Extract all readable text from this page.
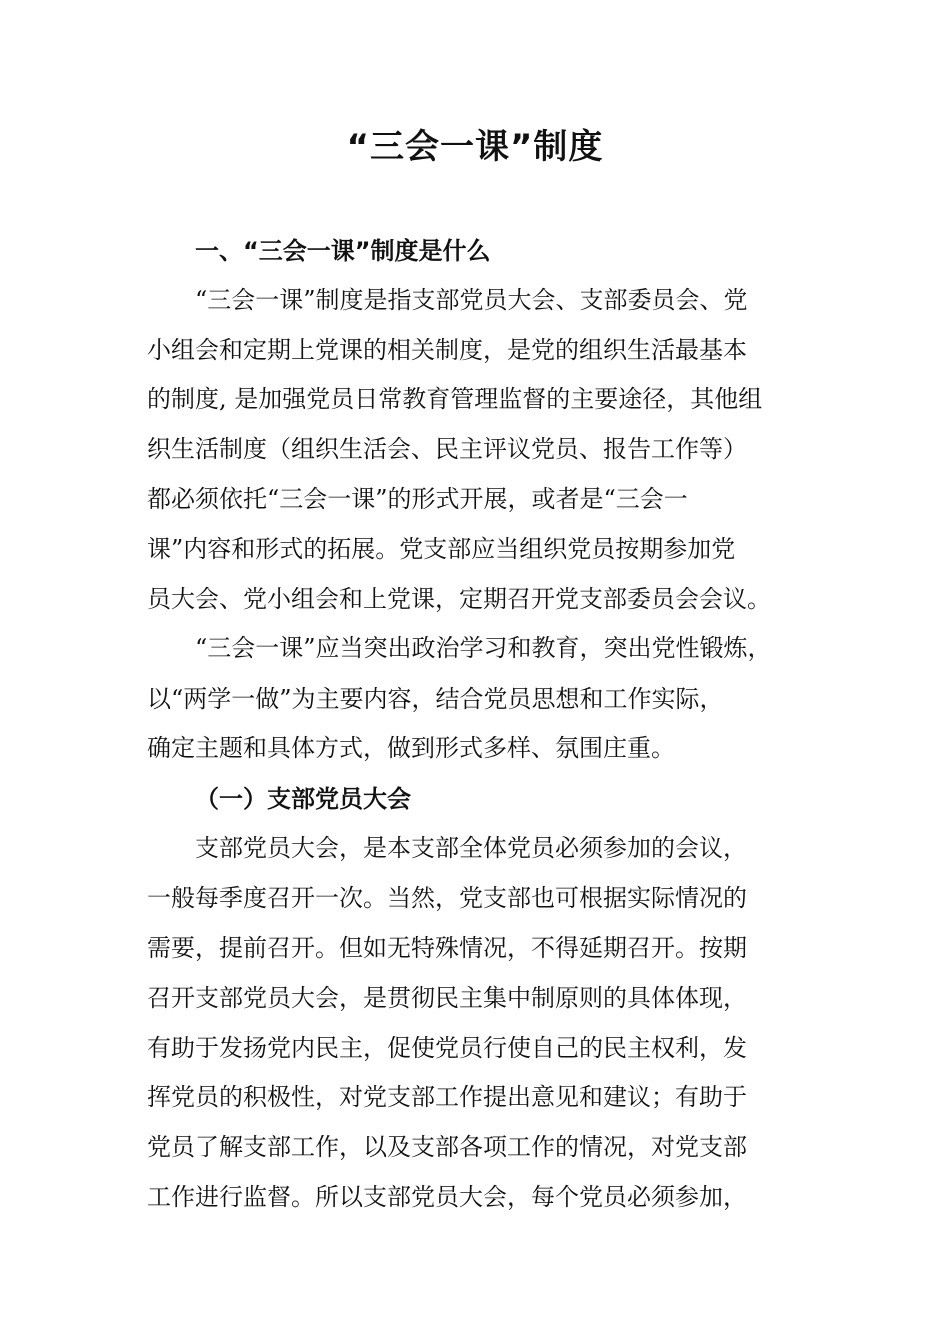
“三会一课”制度
一、“三会一课”制度是什么
“三会一课”制度是指支部党员大会、支部委员会、党
小组会和定期上党课的相关制度，是党的组织生活最基本
的制度, 是加强党员日常教育管理监督的主要途径，其他组
织生活制度（组织生活会、民主评议党员、报告工作等）
都必须依托“三会一课”的形式开展，或者是“三会一
课”内容和形式的拓展。党支部应当组织党员按期参加党
员大会、党小组会和上党课，定期召开党支部委员会会议。
“三会一课”应当突出政治学习和教育，突出党性锻炼，
以“两学一做”为主要内容，结合党员思想和工作实际，
确定主题和具体方式，做到形式多样、氛围庄重。
（一）支部党员大会
支部党员大会，是本支部全体党员必须参加的会议，
一般每季度召开一次。当然，党支部也可根据实际情况的
需要，提前召开。但如无特殊情况，不得延期召开。按期
召开支部党员大会，是贯彻民主集中制原则的具体体现，
有助于发扬党内民主，促使党员行使自己的民主权利，发
挥党员的积极性，对党支部工作提出意见和建议；有助于
党员了解支部工作，以及支部各项工作的情况，对党支部
工作进行监督。所以支部党员大会，每个党员必须参加，
